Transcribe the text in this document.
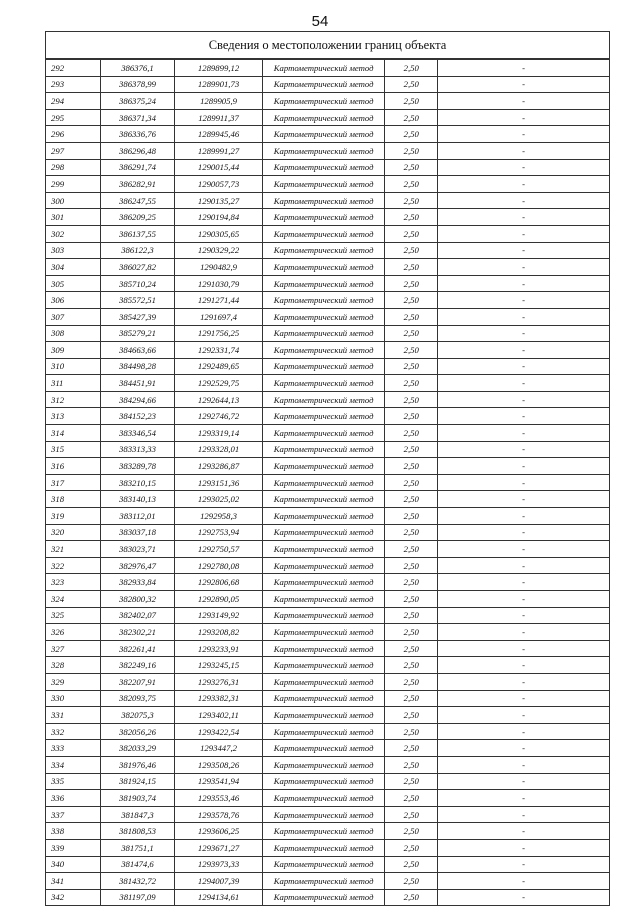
54
Сведения о местоположении границ объекта
292	386376,1	1289899,12	Картометрический метод	2,50	-
293	386378,99	1289901,73	Картометрический метод	2,50	-
294	386375,24	1289905,9	Картометрический метод	2,50	-
295	386371,34	1289911,37	Картометрический метод	2,50	-
296	386336,76	1289945,46	Картометрический метод	2,50	-
297	386296,48	1289991,27	Картометрический метод	2,50	-
298	386291,74	1290015,44	Картометрический метод	2,50	-
299	386282,91	1290057,73	Картометрический метод	2,50	-
300	386247,55	1290135,27	Картометрический метод	2,50	-
301	386209,25	1290194,84	Картометрический метод	2,50	-
302	386137,55	1290305,65	Картометрический метод	2,50	-
303	386122,3	1290329,22	Картометрический метод	2,50	-
304	386027,82	1290482,9	Картометрический метод	2,50	-
305	385710,24	1291030,79	Картометрический метод	2,50	-
306	385572,51	1291271,44	Картометрический метод	2,50	-
307	385427,39	1291697,4	Картометрический метод	2,50	-
308	385279,21	1291756,25	Картометрический метод	2,50	-
309	384663,66	1292331,74	Картометрический метод	2,50	-
310	384498,28	1292489,65	Картометрический метод	2,50	-
311	384451,91	1292529,75	Картометрический метод	2,50	-
312	384294,66	1292644,13	Картометрический метод	2,50	-
313	384152,23	1292746,72	Картометрический метод	2,50	-
314	383346,54	1293319,14	Картометрический метод	2,50	-
315	383313,33	1293328,01	Картометрический метод	2,50	-
316	383289,78	1293286,87	Картометрический метод	2,50	-
317	383210,15	1293151,36	Картометрический метод	2,50	-
318	383140,13	1293025,02	Картометрический метод	2,50	-
319	383112,01	1292958,3	Картометрический метод	2,50	-
320	383037,18	1292753,94	Картометрический метод	2,50	-
321	383023,71	1292750,57	Картометрический метод	2,50	-
322	382976,47	1292780,08	Картометрический метод	2,50	-
323	382933,84	1292806,68	Картометрический метод	2,50	-
324	382800,32	1292890,05	Картометрический метод	2,50	-
325	382402,07	1293149,92	Картометрический метод	2,50	-
326	382302,21	1293208,82	Картометрический метод	2,50	-
327	382261,41	1293233,91	Картометрический метод	2,50	-
328	382249,16	1293245,15	Картометрический метод	2,50	-
329	382207,91	1293276,31	Картометрический метод	2,50	-
330	382093,75	1293382,31	Картометрический метод	2,50	-
331	382075,3	1293402,11	Картометрический метод	2,50	-
332	382056,26	1293422,54	Картометрический метод	2,50	-
333	382033,29	1293447,2	Картометрический метод	2,50	-
334	381976,46	1293508,26	Картометрический метод	2,50	-
335	381924,15	1293541,94	Картометрический метод	2,50	-
336	381903,74	1293553,46	Картометрический метод	2,50	-
337	381847,3	1293578,76	Картометрический метод	2,50	-
338	381808,53	1293606,25	Картометрический метод	2,50	-
339	381751,1	1293671,27	Картометрический метод	2,50	-
340	381474,6	1293973,33	Картометрический метод	2,50	-
341	381432,72	1294007,39	Картометрический метод	2,50	-
342	381197,09	1294134,61	Картометрический метод	2,50	-
